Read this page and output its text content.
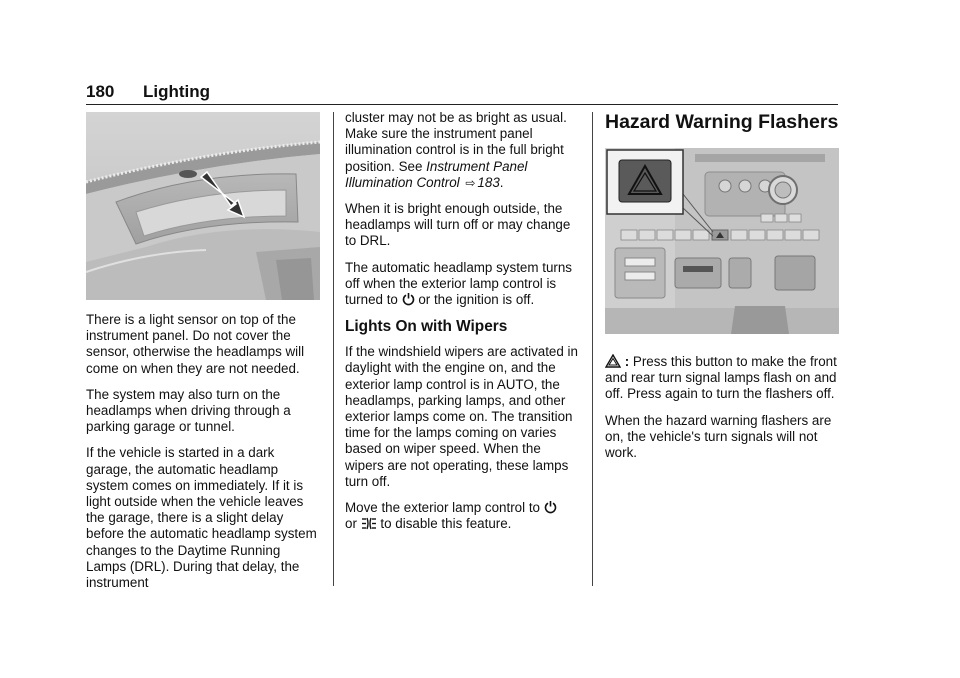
180 Lighting

There is a light sensor on top of the instrument panel. Do not cover the sensor, otherwise the headlamps will come on when they are not needed.

The system may also turn on the headlamps when driving through a parking garage or tunnel.

If the vehicle is started in a dark garage, the automatic headlamp system comes on immediately. If it is light outside when the vehicle leaves the garage, there is a slight delay before the automatic headlamp system changes to the Daytime Running Lamps (DRL). During that delay, the instrument

cluster may not be as bright as usual. Make sure the instrument panel illumination control is in the full bright position. See Instrument Panel Illumination Control ⇨ 183.

When it is bright enough outside, the headlamps will turn off or may change to DRL.

The automatic headlamp system turns off when the exterior lamp control is turned to or the ignition is off.

Lights On with Wipers

If the windshield wipers are activated in daylight with the engine on, and the exterior lamp control is in AUTO, the headlamps, parking lamps, and other exterior lamps come on. The transition time for the lamps coming on varies based on wiper speed. When the wipers are not operating, these lamps turn off.

Move the exterior lamp control to
or to disable this feature.

Hazard Warning Flashers

: Press this button to make the front and rear turn signal lamps flash on and off. Press again to turn the flashers off.

When the hazard warning flashers are on, the vehicle's turn signals will not work.
